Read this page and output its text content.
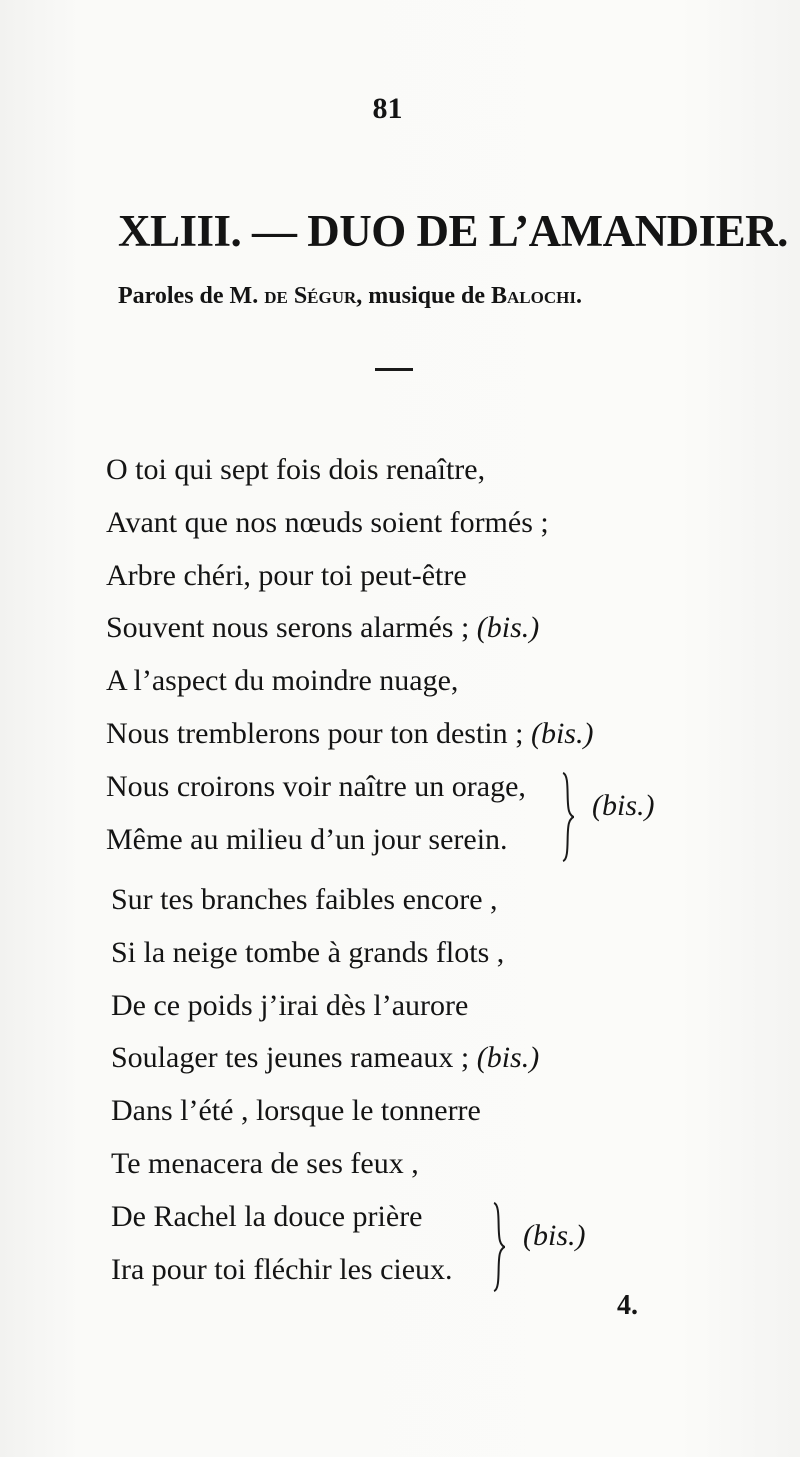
81
XLIII. — DUO DE L’AMANDIER.
Paroles de M. de Ségur, musique de Balochi.
O toi qui sept fois dois renaître,
Avant que nos nœuds soient formés ;
Arbre chéri, pour toi peut-être
Souvent nous serons alarmés ; (bis.)
A l’aspect du moindre nuage,
Nous tremblerons pour ton destin ; (bis.)
Nous croirons voir naître un orage,
Même au milieu d’un jour serein.
(bis.)
Sur tes branches faibles encore ,
Si la neige tombe à grands flots ,
De ce poids j’irai dès l’aurore
Soulager tes jeunes rameaux ; (bis.)
Dans l’été , lorsque le tonnerre
Te menacera de ses feux ,
De Rachel la douce prière
Ira pour toi fléchir les cieux.
(bis.)
4.
